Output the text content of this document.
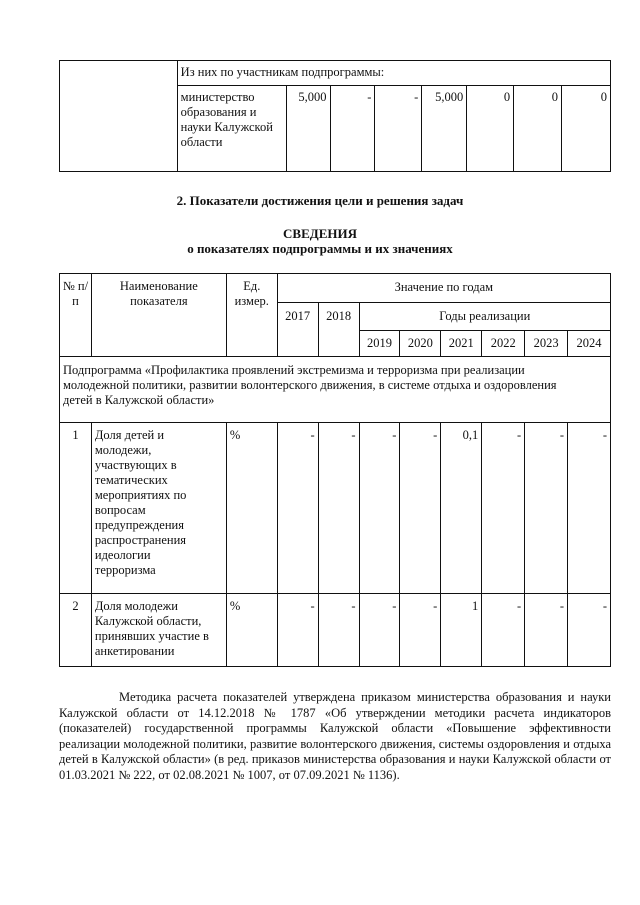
	Из них по участникам подпрограммы:							
	министерство образования и науки Калужской области	5,000	-	-	5,000	0	0	0
2. Показатели достижения цели и решения задач
СВЕДЕНИЯ
о показателях подпрограммы и их значениях
№ п/п	Наименование показателя	Ед. измер.	Значение по годам							
			2017	2018	Годы реализации					
					2019	2020	2021	2022	2023	2024
Подпрограмма «Профилактика проявлений экстремизма и терроризма при реализации молодежной политики, развитии волонтерского движения, в системе отдыха и оздоровления детей в Калужской области»										
1	Доля детей и молодежи, участвующих в тематических мероприятиях по вопросам предупреждения распространения идеологии терроризма	%	-	-	-	-	0,1	-	-	-
2	Доля молодежи Калужской области, принявших участие в анкетировании	%	-	-	-	-	1	-	-	-
Методика расчета показателей утверждена приказом министерства образования и науки Калужской области от 14.12.2018 № 1787 «Об утверждении методики расчета индикаторов (показателей) государственной программы Калужской области «Повышение эффективности реализации молодежной политики, развитие волонтерского движения, системы оздоровления и отдыха детей в Калужской области» (в ред. приказов министерства образования и науки Калужской области от 01.03.2021 № 222, от 02.08.2021 № 1007, от 07.09.2021 № 1136).
